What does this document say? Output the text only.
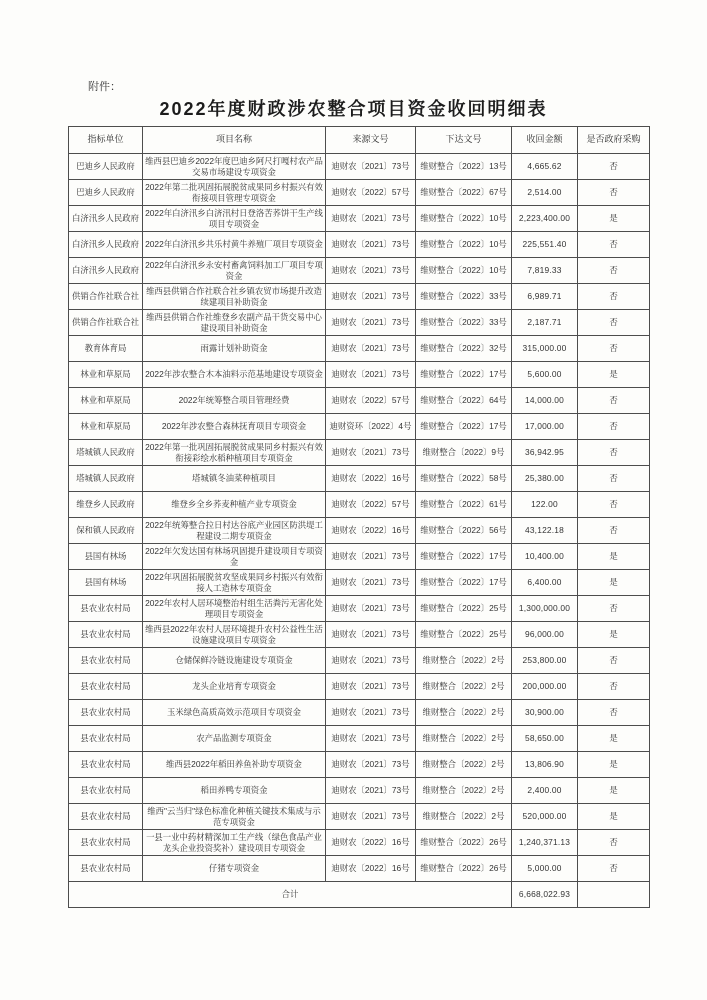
附件：
2022年度财政涉农整合项目资金收回明细表
指标单位	项目名称	来源文号	下达文号	收回金额	是否政府采购
巴迪乡人民政府	维西县巴迪乡2022年度巴迪乡阿尺打嘎村农产品交易市场建设专项资金	迪财农〔2021〕73号	维财整合〔2022〕13号	4,665.62	否
巴迪乡人民政府	2022年第二批巩固拓展脱贫成果同乡村振兴有效衔接项目管理专项资金	迪财农〔2022〕57号	维财整合〔2022〕67号	2,514.00	否
白济汛乡人民政府	2022年白济汛乡白济汛村日登洛苦荞饼干生产线项目专项资金	迪财农〔2021〕73号	维财整合〔2022〕10号	2,223,400.00	是
白济汛乡人民政府	2022年白济汛乡共乐村黄牛养殖厂项目专项资金	迪财农〔2021〕73号	维财整合〔2022〕10号	225,551.40	否
白济汛乡人民政府	2022年白济汛乡永安村畜禽饲料加工厂项目专项资金	迪财农〔2021〕73号	维财整合〔2022〕10号	7,819.33	否
供销合作社联合社	维西县供销合作社联合社乡镇农贸市场提升改造续建项目补助资金	迪财农〔2021〕73号	维财整合〔2022〕33号	6,989.71	否
供销合作社联合社	维西县供销合作社维登乡农副产品干货交易中心建设项目补助资金	迪财农〔2021〕73号	维财整合〔2022〕33号	2,187.71	否
教育体育局	雨露计划补助资金	迪财农〔2021〕73号	维财整合〔2022〕32号	315,000.00	否
林业和草原局	2022年涉农整合木本油料示范基地建设专项资金	迪财农〔2021〕73号	维财整合〔2022〕17号	5,600.00	是
林业和草原局	2022年统筹整合项目管理经费	迪财农〔2022〕57号	维财整合〔2022〕64号	14,000.00	否
林业和草原局	2022年涉农整合森林抚育项目专项资金	迪财资环〔2022〕4号	维财整合〔2022〕17号	17,000.00	否
塔城镇人民政府	2022年第一批巩固拓展脱贫成果同乡村振兴有效衔接彩绘水稻种植项目专项资金	迪财农〔2021〕73号	维财整合〔2022〕9号	36,942.95	否
塔城镇人民政府	塔城镇冬油菜种植项目	迪财农〔2022〕16号	维财整合〔2022〕58号	25,380.00	否
维登乡人民政府	维登乡全乡荞麦种植产业专项资金	迪财农〔2022〕57号	维财整合〔2022〕61号	122.00	否
保和镇人民政府	2022年统筹整合拉日村达谷底产业园区防洪堤工程建设二期专项资金	迪财农〔2022〕16号	维财整合〔2022〕56号	43,122.18	否
县国有林场	2022年欠发达国有林场巩固提升建设项目专项资金	迪财农〔2021〕73号	维财整合〔2022〕17号	10,400.00	是
县国有林场	2022年巩固拓展脱贫攻坚成果同乡村振兴有效衔接人工造林专项资金	迪财农〔2021〕73号	维财整合〔2022〕17号	6,400.00	是
县农业农村局	2022年农村人居环境整治村组生活粪污无害化处理项目专项资金	迪财农〔2021〕73号	维财整合〔2022〕25号	1,300,000.00	否
县农业农村局	维西县2022年农村人居环境提升农村公益性生活设施建设项目专项资金	迪财农〔2021〕73号	维财整合〔2022〕25号	96,000.00	是
县农业农村局	仓储保鲜冷链设施建设专项资金	迪财农〔2021〕73号	维财整合〔2022〕2号	253,800.00	否
县农业农村局	龙头企业培育专项资金	迪财农〔2021〕73号	维财整合〔2022〕2号	200,000.00	否
县农业农村局	玉米绿色高质高效示范项目专项资金	迪财农〔2021〕73号	维财整合〔2022〕2号	30,900.00	否
县农业农村局	农产品监测专项资金	迪财农〔2021〕73号	维财整合〔2022〕2号	58,650.00	是
县农业农村局	维西县2022年稻田养鱼补助专项资金	迪财农〔2021〕73号	维财整合〔2022〕2号	13,806.90	是
县农业农村局	稻田养鸭专项资金	迪财农〔2021〕73号	维财整合〔2022〕2号	2,400.00	是
县农业农村局	维西"云当归"绿色标准化种植关键技术集成与示范专项资金	迪财农〔2021〕73号	维财整合〔2022〕2号	520,000.00	是
县农业农村局	一县一业中药材精深加工生产线（绿色食品产业龙头企业投资奖补）建设项目专项资金	迪财农〔2022〕16号	维财整合〔2022〕26号	1,240,371.13	否
县农业农村局	仔猪专项资金	迪财农〔2022〕16号	维财整合〔2022〕26号	5,000.00	否
合计				6,668,022.93	
